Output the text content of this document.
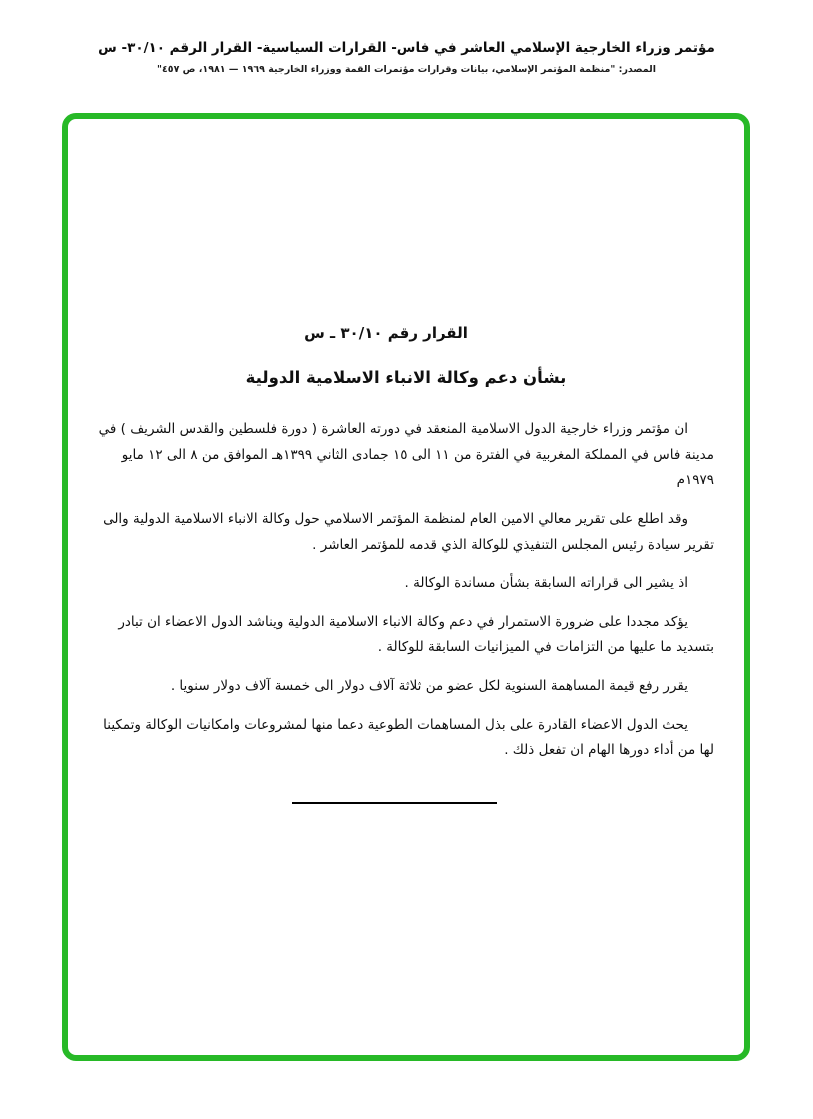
مؤتمر وزراء الخارجية الإسلامي العاشر في فاس- القرارات السياسية- القرار الرقم ٣٠/١٠- س
المصدر: "منظمة المؤتمر الإسلامي، بيانات وقرارات مؤتمرات القمة ووزراء الخارجية ١٩٦٩ — ١٩٨١، ص ٤٥٧"
القرار رقم ٣٠/١٠ ـ س
بشأن دعم وكالة الانباء الاسلامية الدولية

ان مؤتمر وزراء خارجية الدول الاسلامية المنعقد في دورته العاشرة ( دورة فلسطين والقدس الشريف ) في مدينة فاس في المملكة المغربية في الفترة من ١١ الى ١٥ جمادى الثاني ١٣٩٩هـ الموافق من ٨ الى ١٢ مايو ١٩٧٩م

وقد اطلع على تقرير معالي الامين العام لمنظمة المؤتمر الاسلامي حول وكالة الانباء الاسلامية الدولية والى تقرير سيادة رئيس المجلس التنفيذي للوكالة الذي قدمه للمؤتمر العاشر .

اذ يشير الى قراراته السابقة بشأن مساندة الوكالة .

يؤكد مجددا على ضرورة الاستمرار في دعم وكالة الانباء الاسلامية الدولية ويناشد الدول الاعضاء ان تبادر بتسديد ما عليها من التزامات في الميزانيات السابقة للوكالة .

يقرر رفع قيمة المساهمة السنوية لكل عضو من ثلاثة آلاف دولار الى خمسة آلاف دولار سنويا .

يحث الدول الاعضاء القادرة على بذل المساهمات الطوعية دعما منها لمشروعات وامكانيات الوكالة وتمكينا لها من أداء دورها الهام ان تفعل ذلك .
